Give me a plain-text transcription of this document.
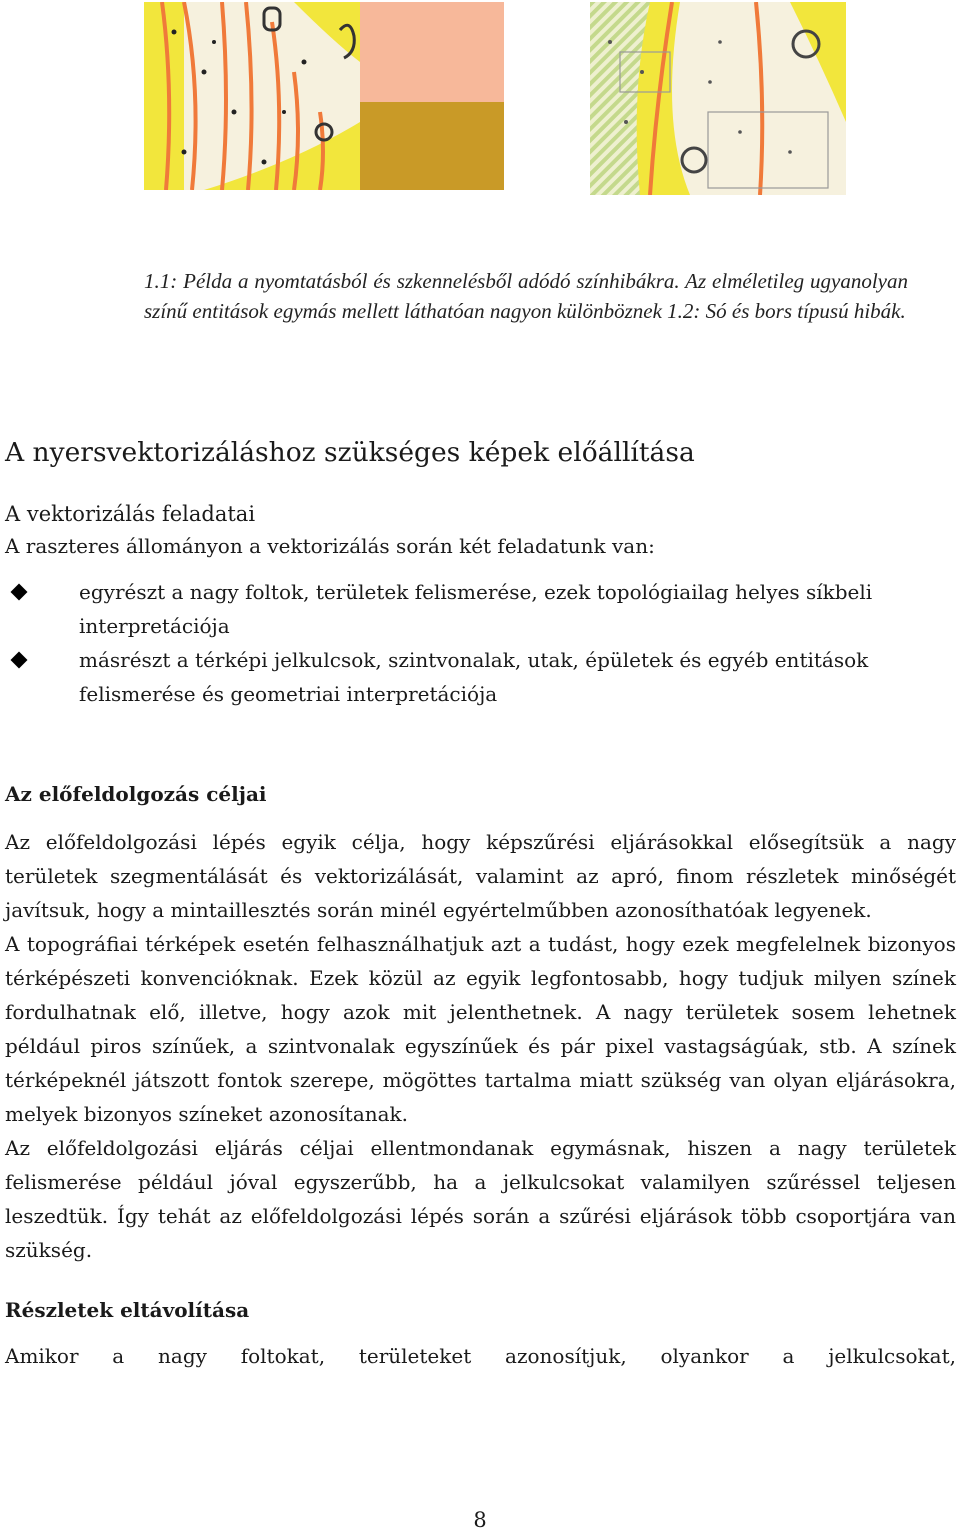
1.1: Példa a nyomtatásból és szkennelésből adódó színhibákra. Az elméletileg ugyanolyan színű entitások egymás mellett láthatóan nagyon különböznek 1.2: Só és bors típusú hibák.

A nyersvektorizáláshoz szükséges képek előállítása
A vektorizálás feladatai

A raszteres állományon a vektorizálás során két feladatunk van:

egyrészt a nagy foltok, területek felismerése, ezek topológiailag helyes síkbeli interpretációja
másrészt a térképi jelkulcsok, szintvonalak, utak, épületek és egyéb entitások felismerése és geometriai interpretációja
Az előfeldolgozás céljai

Az előfeldolgozási lépés egyik célja, hogy képszűrési eljárásokkal elősegítsük a nagy területek szegmentálását és vektorizálását, valamint az apró, finom részletek minőségét javítsuk, hogy a mintaillesztés során minél egyértelműbben azonosíthatóak legyenek.

A topográfiai térképek esetén felhasználhatjuk azt a tudást, hogy ezek megfelelnek bizonyos térképészeti konvencióknak. Ezek közül az egyik legfontosabb, hogy tudjuk milyen színek fordulhatnak elő, illetve, hogy azok mit jelenthetnek. A nagy területek sosem lehetnek például piros színűek, a szintvonalak egyszínűek és pár pixel vastagságúak, stb. A színek térképeknél játszott fontok szerepe, mögöttes tartalma miatt szükség van olyan eljárásokra, melyek bizonyos színeket azonosítanak.

Az előfeldolgozási eljárás céljai ellentmondanak egymásnak, hiszen a nagy területek felismerése például jóval egyszerűbb, ha a jelkulcsokat valamilyen szűréssel teljesen leszedtük. Így tehát az előfeldolgozási lépés során a szűrési eljárások több csoportjára van szükség.

Részletek eltávolítása

Amikor a nagy foltokat, területeket azonosítjuk, olyankor a jelkulcsokat,

8
